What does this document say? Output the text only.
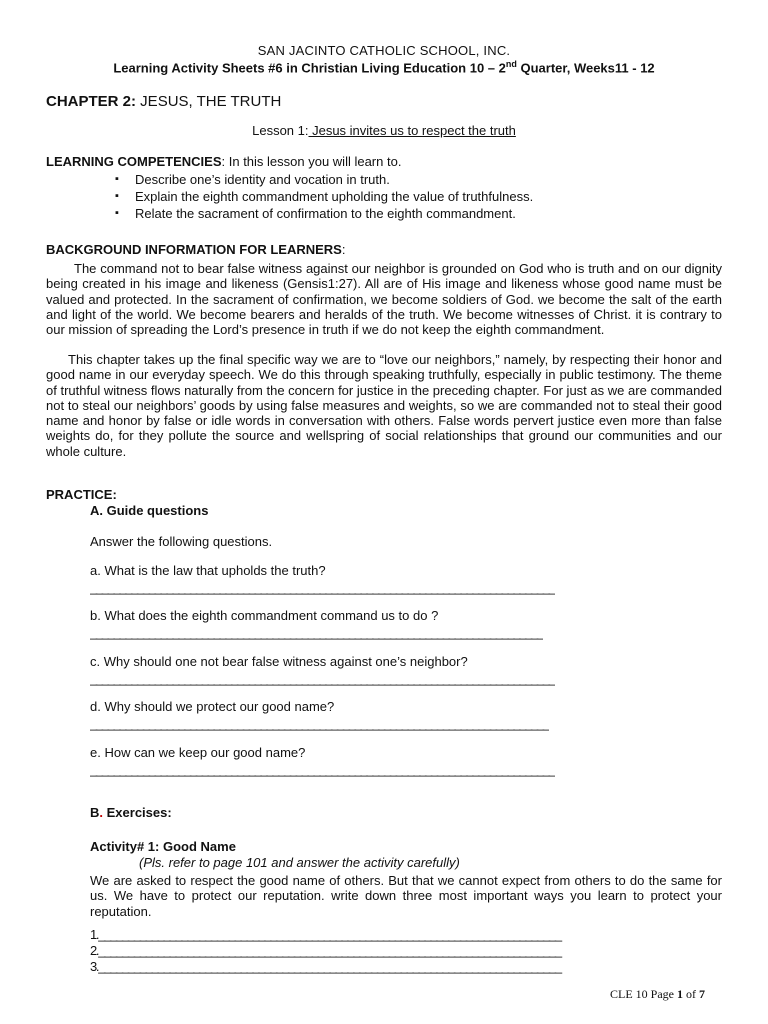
SAN JACINTO CATHOLIC SCHOOL, INC.
Learning Activity Sheets #6 in Christian Living Education 10 – 2nd Quarter, Weeks11 - 12
CHAPTER 2: JESUS, THE TRUTH
Lesson 1: Jesus invites us to respect the truth
LEARNING COMPETENCIES: In this lesson you will learn to.
▪ Describe one’s identity and vocation in truth.
▪ Explain the eighth commandment upholding the value of truthfulness.
▪ Relate the sacrament of confirmation to the eighth commandment.
BACKGROUND INFORMATION FOR LEARNERS:
The command not to bear false witness against our neighbor is grounded on God who is truth and on our dignity being created in his image and likeness (Gensis1:27). All are of His image and likeness whose good name must be valued and protected. In the sacrament of confirmation, we become soldiers of God. we become the salt of the earth and light of the world. We become bearers and heralds of the truth. We become witnesses of Christ. it is contrary to our mission of spreading the Lord’s presence in truth if we do not keep the eighth commandment.
This chapter takes up the final specific way we are to “love our neighbors,” namely, by respecting their honor and good name in our everyday speech. We do this through speaking truthfully, especially in public testimony. The theme of truthful witness flows naturally from the concern for justice in the preceding chapter. For just as we are commanded not to steal our neighbors’ goods by using false measures and weights, so we are commanded not to steal their good name and honor by false or idle words in conversation with others. False words pervert justice even more than false weights do, for they pollute the source and wellspring of social relationships that ground our communities and our whole culture.
PRACTICE:
A. Guide questions
Answer the following questions.
a. What is the law that upholds the truth?
_______________________________________________________________________________
b. What does the eighth commandment command us to do ?
_____________________________________________________________________________
c. Why should one not bear false witness against one’s neighbor?
_______________________________________________________________________________
d. Why should we protect our good name?
______________________________________________________________________________
e. How can we keep our good name?
_______________________________________________________________________________
B. Exercises:
Activity# 1: Good Name
(Pls. refer to page 101 and answer the activity carefully)
We are asked to respect the good name of others. But that we cannot expect from others to do the same for us. We have to protect our reputation. write down three most important ways you learn to protect your reputation.
1.______________________________________________________________________________
2.______________________________________________________________________________
3.______________________________________________________________________________
CLE 10 Page 1 of 7
